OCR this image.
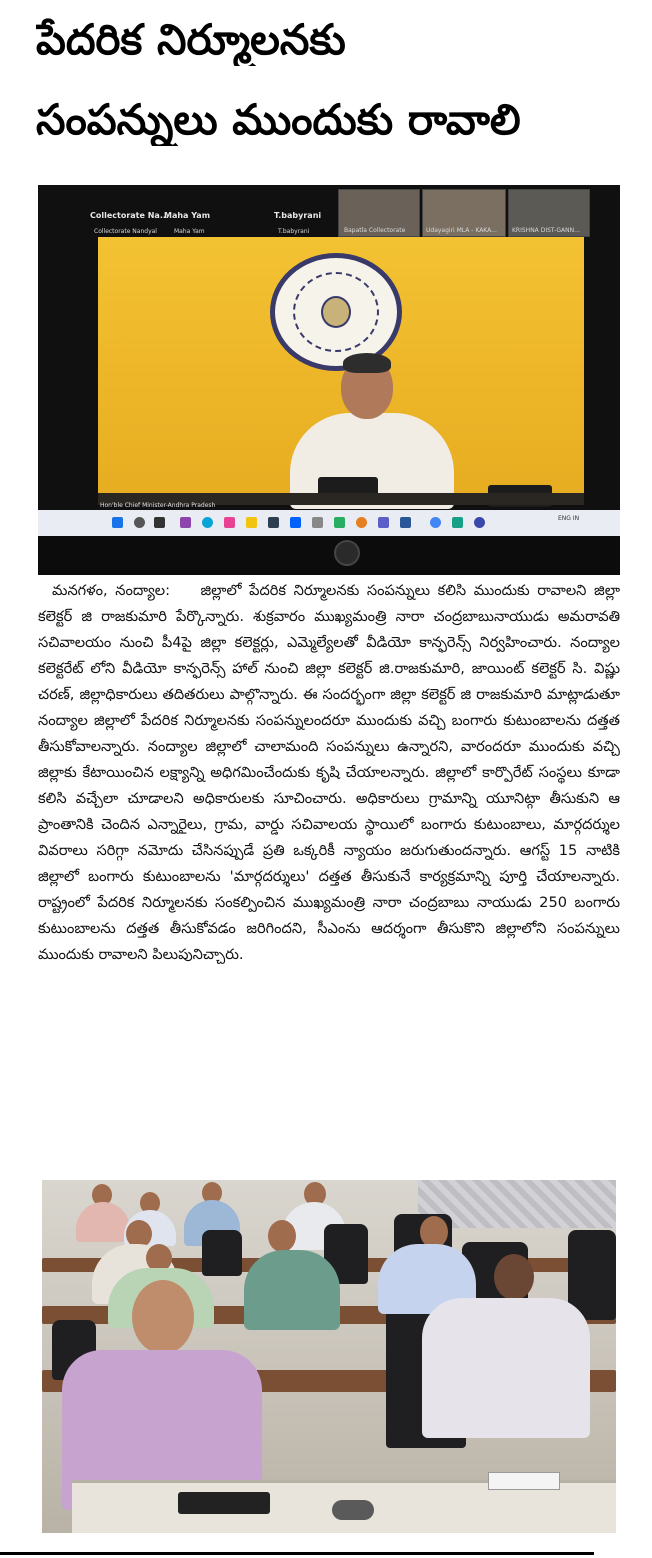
పేదరిక నిర్మూలనకు
సంపన్నులు ముందుకు రావాలి
Collectorate Na...
Collectorate Nandyal
Maha Yam
Maha Yam
T.babyrani
T.babyrani	Bapatla Collectorate	Udayagiri MLA - KAKA...	KRISHNA DIST-GANN...
Hon'ble Chief Minister-Andhra Pradesh
ENG IN

మనగళం, నంద్యాల: జిల్లాలో పేదరిక నిర్మూలనకు సంపన్నులు కలిసి ముందుకు రావాలని జిల్లా కలెక్టర్ జి రాజకుమారి పేర్కొన్నారు. శుక్రవారం ముఖ్యమంత్రి నారా చంద్రబాబునాయుడు అమరావతి సచివాలయం నుంచి పీ4పై జిల్లా కలెక్టర్లు, ఎమ్మెల్యేలతో వీడియో కాన్ఫరెన్స్ నిర్వహించారు. నంద్యాల కలెక్టరేట్ లోని వీడియో కాన్ఫరెన్స్ హాల్ నుంచి జిల్లా కలెక్టర్ జి.రాజకుమారి, జాయింట్ కలెక్టర్ సి. విష్ణు చరణ్, జిల్లాధికారులు తదితరులు పాల్గొన్నారు. ఈ సందర్భంగా జిల్లా కలెక్టర్ జి రాజకుమారి మాట్లాడుతూ నంద్యాల జిల్లాలో పేదరిక నిర్మూలనకు సంపన్నులందరూ ముందుకు వచ్చి బంగారు కుటుంబాలను దత్తత తీసుకోవాలన్నారు. నంద్యాల జిల్లాలో చాలామంది సంపన్నులు ఉన్నారని, వారందరూ ముందుకు వచ్చి జిల్లాకు కేటాయించిన లక్ష్యాన్ని అధిగమించేందుకు కృషి చేయాలన్నారు. జిల్లాలో కార్పొరేట్ సంస్థలు కూడా కలిసి వచ్చేలా చూడాలని అధికారులకు సూచించారు. అధికారులు గ్రామాన్ని యూనిట్గా తీసుకుని ఆ ప్రాంతానికి చెందిన ఎన్నారైలు, గ్రామ, వార్డు సచివాలయ స్థాయిలో బంగారు కుటుంబాలు, మార్గదర్శుల వివరాలు సరిగ్గా నమోదు చేసినప్పుడే ప్రతి ఒక్కరికీ న్యాయం జరుగుతుందన్నారు. ఆగస్ట్ 15 నాటికి జిల్లాలో బంగారు కుటుంబాలను 'మార్గదర్శులు' దత్తత తీసుకునే కార్యక్రమాన్ని పూర్తి చేయాలన్నారు. రాష్ట్రంలో పేదరిక నిర్మూలనకు సంకల్పించిన ముఖ్యమంత్రి నారా చంద్రబాబు నాయుడు 250 బంగారు కుటుంబాలను దత్తత తీసుకోవడం జరిగిందని, సీఎంను ఆదర్శంగా తీసుకొని జిల్లాలోని సంపన్నులు ముందుకు రావాలని పిలుపునిచ్చారు.
